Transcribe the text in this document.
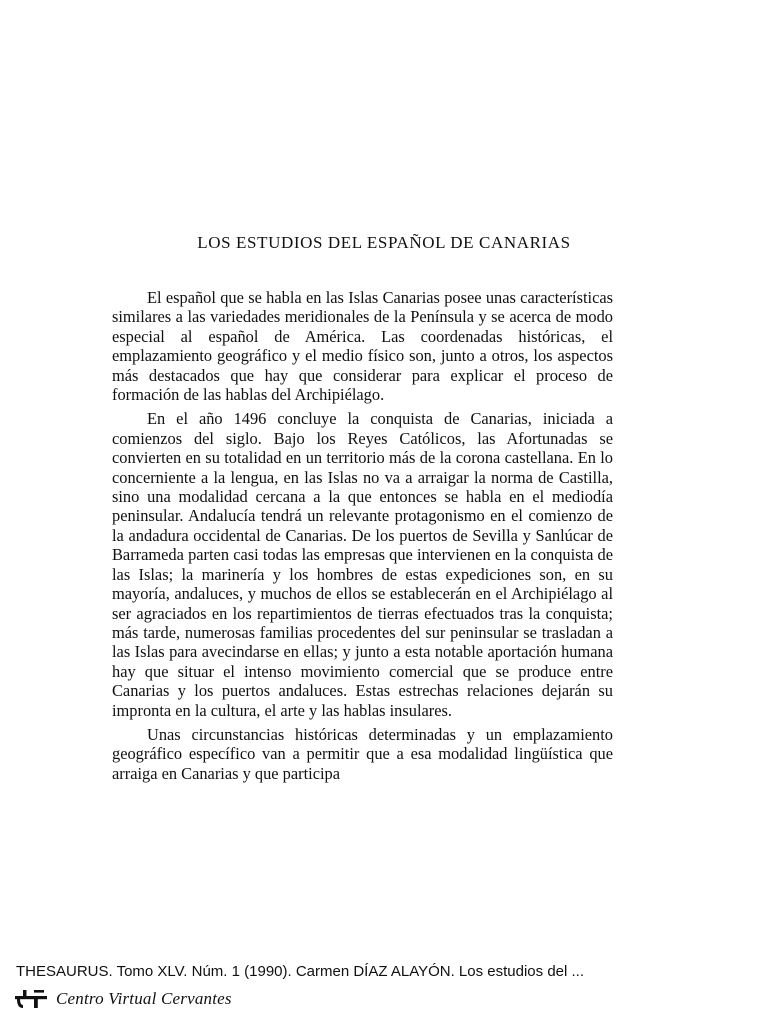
LOS ESTUDIOS DEL ESPAÑOL DE CANARIAS

El español que se habla en las Islas Canarias posee unas características similares a las variedades meridionales de la Península y se acerca de modo especial al español de América. Las coordenadas históricas, el emplazamiento geográfico y el medio físico son, junto a otros, los aspectos más destacados que hay que considerar para explicar el proceso de formación de las hablas del Archipiélago.

En el año 1496 concluye la conquista de Canarias, iniciada a comienzos del siglo. Bajo los Reyes Católicos, las Afortunadas se convierten en su totalidad en un territorio más de la corona castellana. En lo concerniente a la lengua, en las Islas no va a arraigar la norma de Castilla, sino una modalidad cercana a la que entonces se habla en el mediodía peninsular. Andalucía tendrá un relevante protagonismo en el comienzo de la andadura occidental de Canarias. De los puertos de Sevilla y Sanlúcar de Barrameda parten casi todas las empresas que intervienen en la conquista de las Islas; la marinería y los hombres de estas expediciones son, en su mayoría, andaluces, y muchos de ellos se establecerán en el Archipiélago al ser agraciados en los repartimientos de tierras efectuados tras la conquista; más tarde, numerosas familias procedentes del sur peninsular se trasladan a las Islas para avecindarse en ellas; y junto a esta notable aportación humana hay que situar el intenso movimiento comercial que se produce entre Canarias y los puertos andaluces. Estas estrechas relaciones dejarán su impronta en la cultura, el arte y las hablas insulares.

Unas circunstancias históricas determinadas y un emplazamiento geográfico específico van a permitir que a esa modalidad lingüística que arraiga en Canarias y que participa

THESAURUS. Tomo XLV. Núm. 1 (1990). Carmen DÍAZ ALAYÓN. Los estudios del ...
Centro Virtual Cervantes
